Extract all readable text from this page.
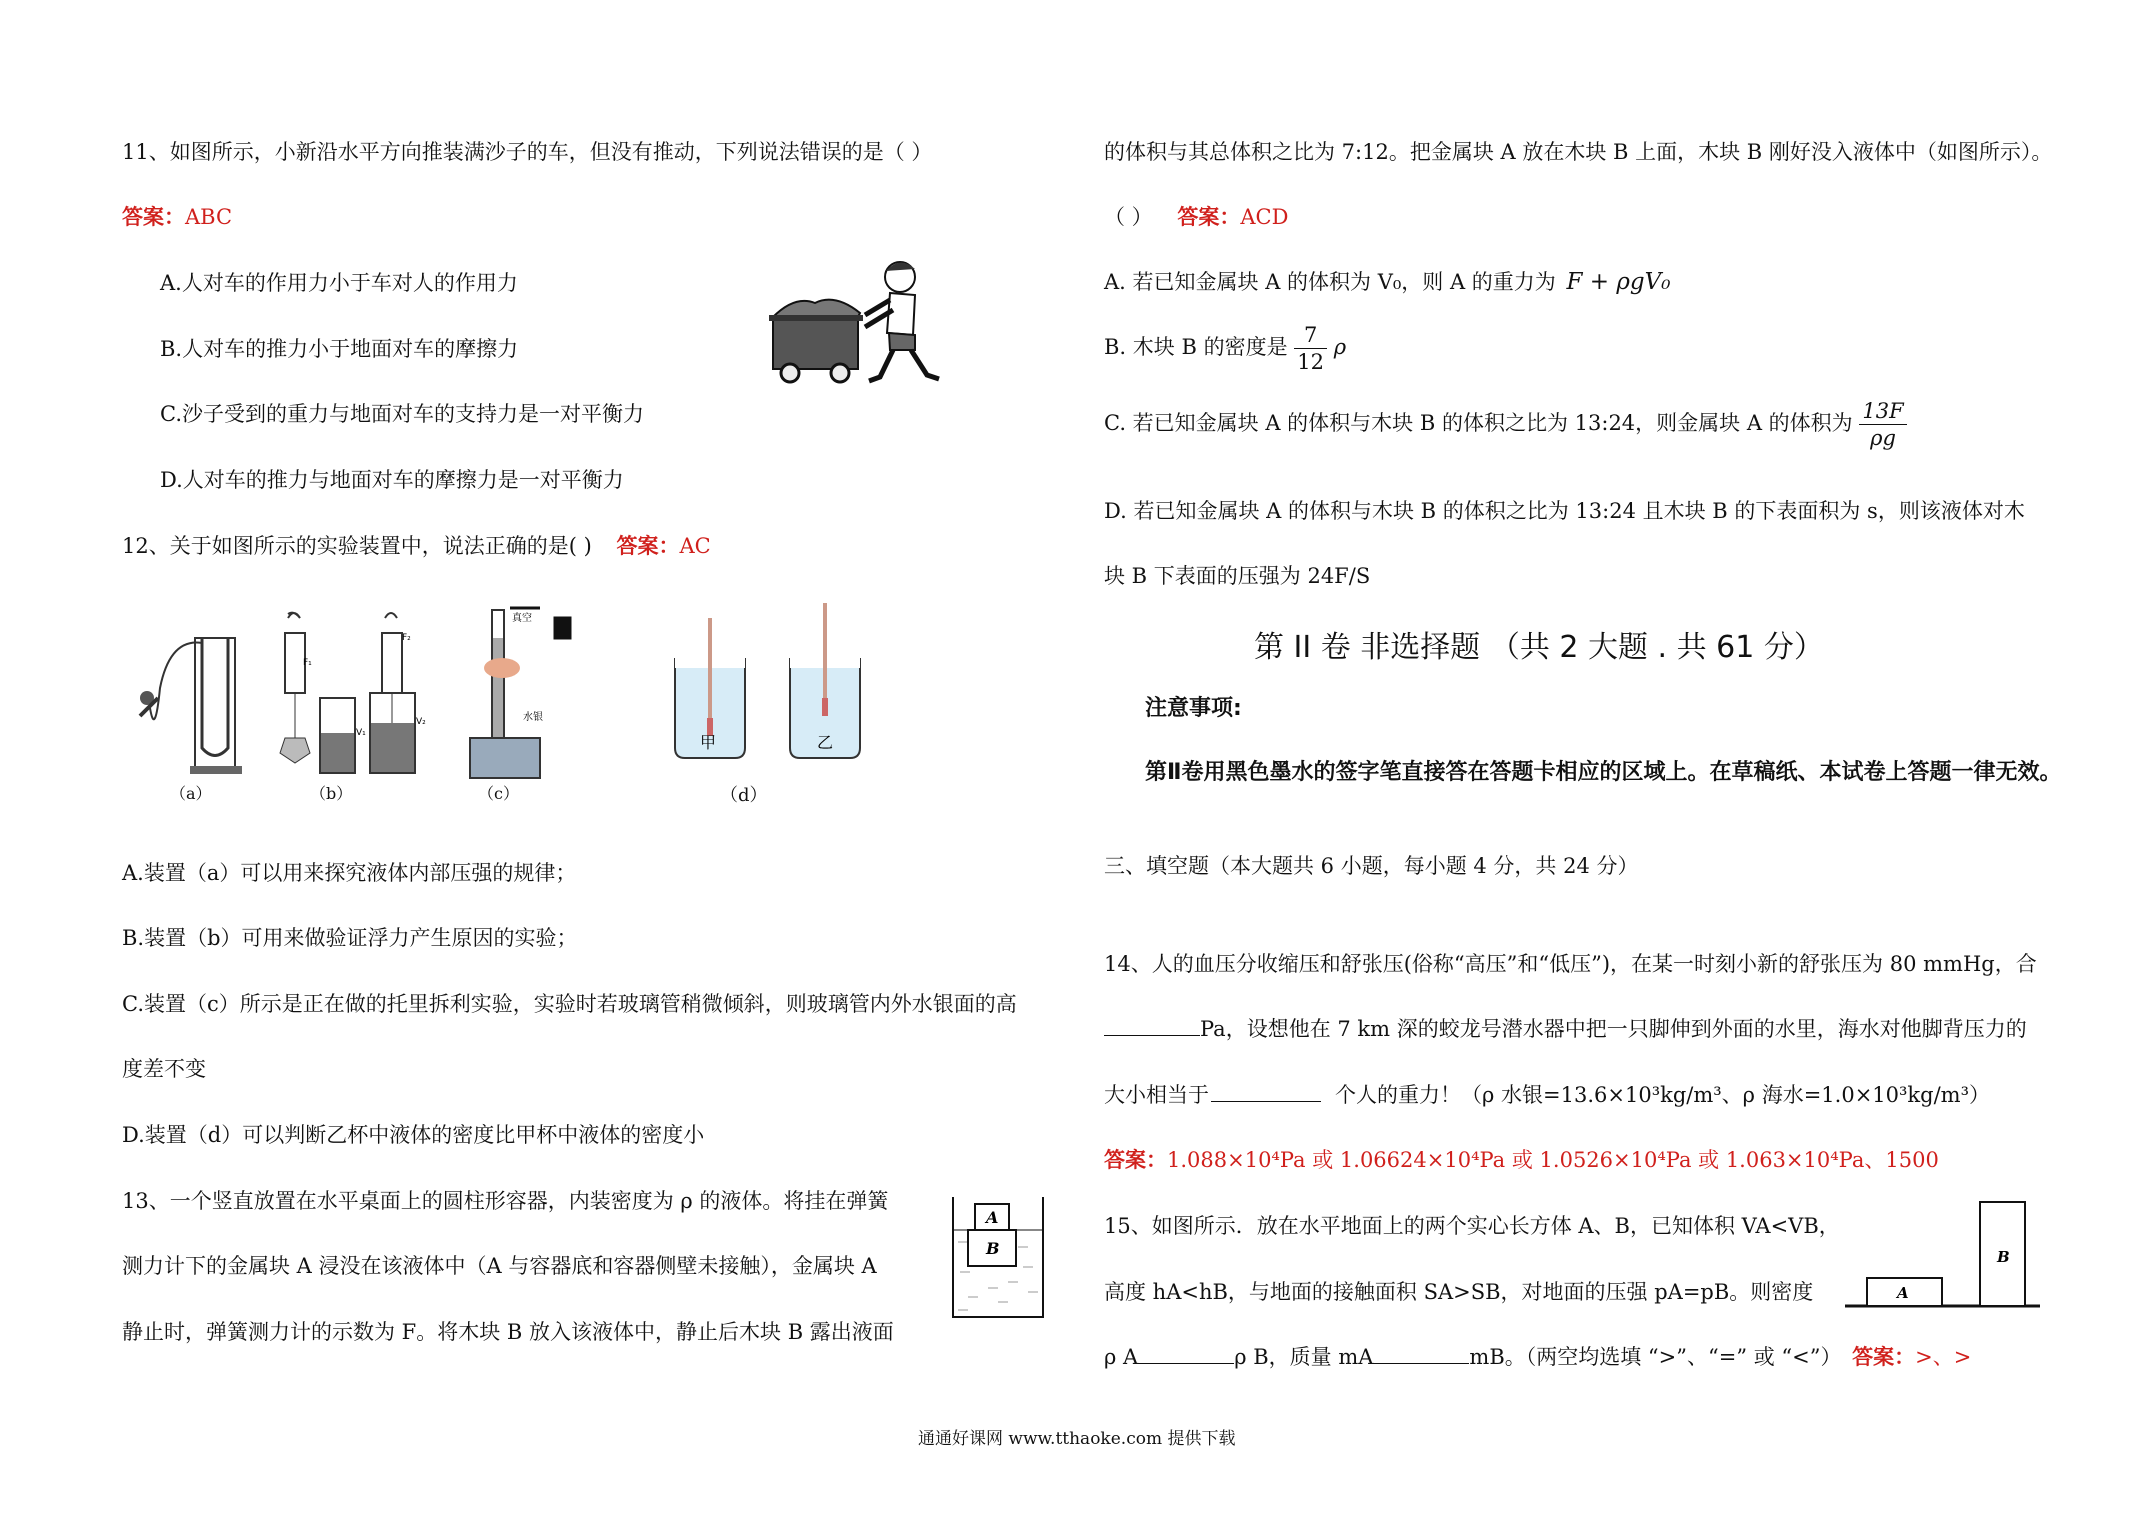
11、如图所示，小新沿水平方向推装满沙子的车，但没有推动，下列说法错误的是（ ）
答案：ABC
A.人对车的作用力小于车对人的作用力
B.人对车的推力小于地面对车的摩擦力
C.沙子受到的重力与地面对车的支持力是一对平衡力
D.人对车的推力与地面对车的摩擦力是一对平衡力
12、关于如图所示的实验装置中，说法正确的是( ) 答案：AC
F₁
F₂
V₁
V₂
真空
水银
甲	乙
（a）	（b）	（c）	（d）
A.装置（a）可以用来探究液体内部压强的规律；
B.装置（b）可用来做验证浮力产生原因的实验；
C.装置（c）所示是正在做的托里拆利实验，实验时若玻璃管稍微倾斜，则玻璃管内外水银面的高
度差不变
D.装置（d）可以判断乙杯中液体的密度比甲杯中液体的密度小
13、一个竖直放置在水平桌面上的圆柱形容器，内装密度为 ρ 的液体。将挂在弹簧
测力计下的金属块 A 浸没在该液体中（A 与容器底和容器侧壁未接触），金属块 A
静止时，弹簧测力计的示数为 F。将木块 B 放入该液体中，静止后木块 B 露出液面
A
B
通通好课网 www.tthaoke.com 提供下载
的体积与其总体积之比为 7:12。把金属块 A 放在木块 B 上面，木块 B 刚好没入液体中（如图所示）。
（ ） 答案：ACD
A. 若已知金属块 A 的体积为 V₀，则 A 的重力为 F + ρgV₀
B. 木块 B 的密度是 $\frac{7}{12}$ ρ
C. 若已知金属块 A 的体积与木块 B 的体积之比为 13:24，则金属块 A 的体积为 $\frac{13F}{\rho g}$
D. 若已知金属块 A 的体积与木块 B 的体积之比为 13:24 且木块 B 的下表面积为 s，则该液体对木
块 B 下表面的压强为 24F/S
第 II 卷 非选择题 （共 2 大题 . 共 61 分）
注意事项:
第Ⅱ卷用黑色墨水的签字笔直接答在答题卡相应的区域上。在草稿纸、本试卷上答题一律无效。
三、填空题（本大题共 6 小题，每小题 4 分，共 24 分）
14、人的血压分收缩压和舒张压(俗称“高压”和“低压”)，在某一时刻小新的舒张压为 80 mmHg，合
Pa，设想他在 7 km 深的蛟龙号潜水器中把一只脚伸到外面的水里，海水对他脚背压力的
大小相当于	个人的重力！（ρ 水银=13.6×10³kg/m³、ρ 海水=1.0×10³kg/m³）
答案：1.088×10⁴Pa 或 1.06624×10⁴Pa 或 1.0526×10⁴Pa 或 1.063×10⁴Pa、1500
15、如图所示．放在水平地面上的两个实心长方体 A、B，已知体积 VA<VB，
高度 hA<hB，与地面的接触面积 SA>SB，对地面的压强 pA=pB。则密度
ρ A	ρ B，质量 mA	mB。（两空均选填 “>”、“=” 或 “<”） 答案：>、>
A
B
